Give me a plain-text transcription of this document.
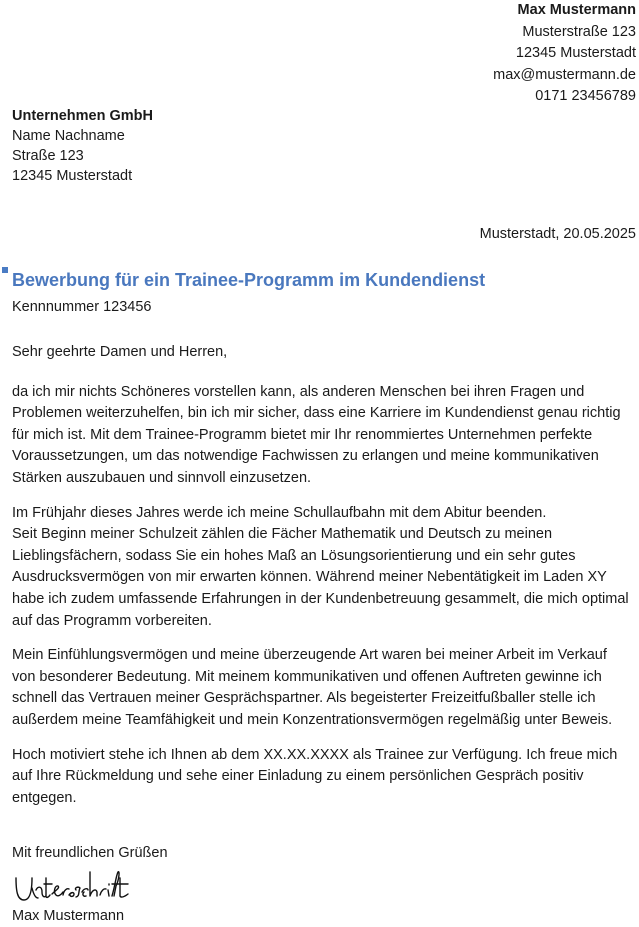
Max Mustermann
Musterstraße 123
12345 Musterstadt
max@mustermann.de
0171 23456789
Unternehmen GmbH
Name Nachname
Straße 123
12345 Musterstadt
Musterstadt, 20.05.2025
Bewerbung für ein Trainee-Programm im Kundendienst
Kennnummer 123456

Sehr geehrte Damen und Herren,

da ich mir nichts Schöneres vorstellen kann, als anderen Menschen bei ihren Fragen und Problemen weiterzuhelfen, bin ich mir sicher, dass eine Karriere im Kundendienst genau richtig für mich ist. Mit dem Trainee-Programm bietet mir Ihr renommiertes Unternehmen perfekte Voraussetzungen, um das notwendige Fachwissen zu erlangen und meine kommunikativen Stärken auszubauen und sinnvoll einzusetzen.

Im Frühjahr dieses Jahres werde ich meine Schullaufbahn mit dem Abitur beenden.
Seit Beginn meiner Schulzeit zählen die Fächer Mathematik und Deutsch zu meinen Lieblingsfächern, sodass Sie ein hohes Maß an Lösungsorientierung und ein sehr gutes Ausdrucksvermögen von mir erwarten können. Während meiner Nebentätigkeit im Laden XY habe ich zudem umfassende Erfahrungen in der Kundenbetreuung gesammelt, die mich optimal auf das Programm vorbereiten.

Mein Einfühlungsvermögen und meine überzeugende Art waren bei meiner Arbeit im Verkauf von besonderer Bedeutung. Mit meinem kommunikativen und offenen Auftreten gewinne ich schnell das Vertrauen meiner Gesprächspartner. Als begeisterter Freizeitfußballer stelle ich außerdem meine Teamfähigkeit und mein Konzentrationsvermögen regelmäßig unter Beweis.

Hoch motiviert stehe ich Ihnen ab dem XX.XX.XXXX als Trainee zur Verfügung. Ich freue mich auf Ihre Rückmeldung und sehe einer Einladung zu einem persönlichen Gespräch positiv entgegen.

Mit freundlichen Grüßen
Max Mustermann
